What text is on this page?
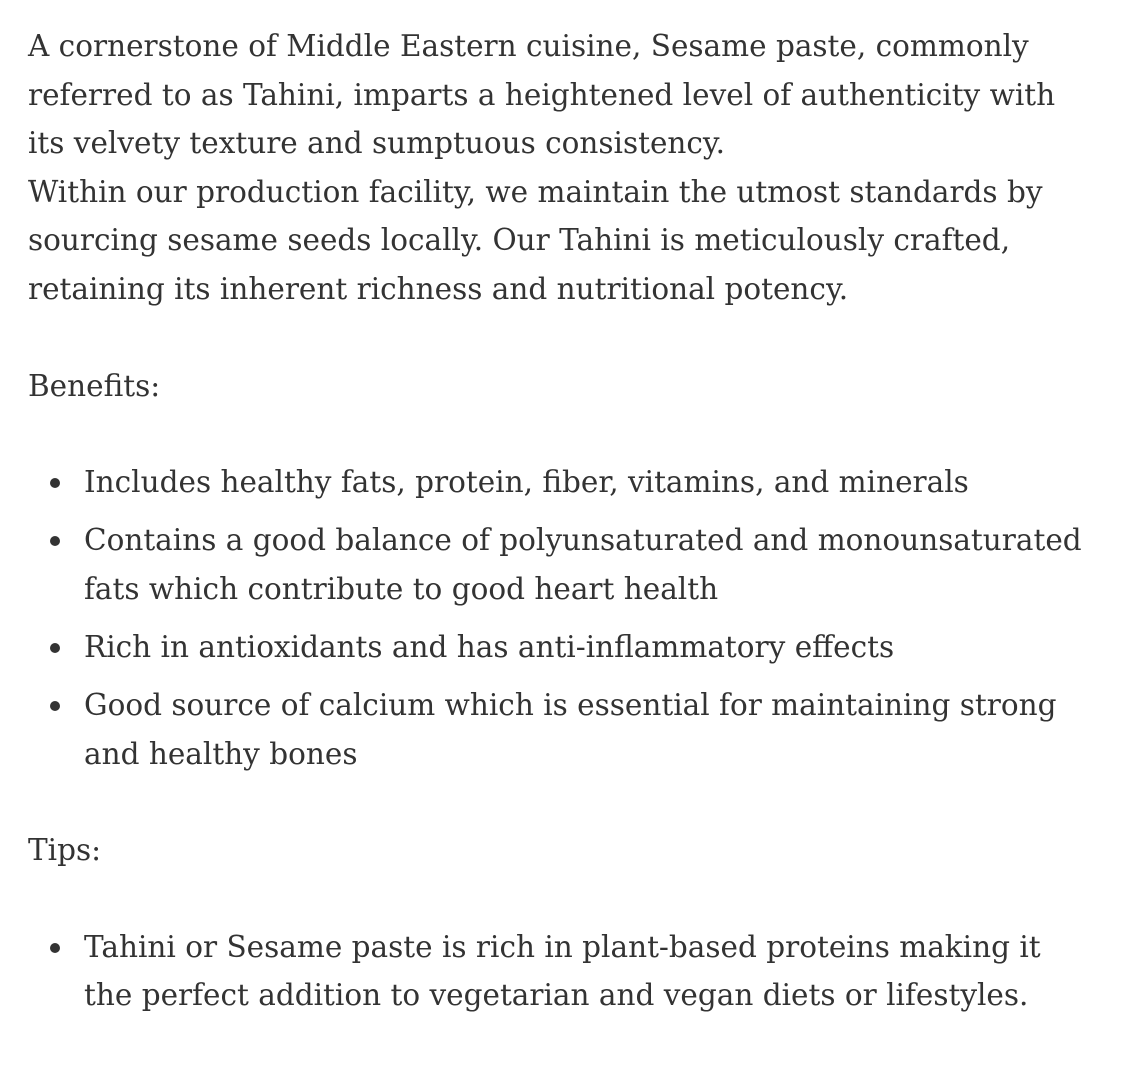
A cornerstone of Middle Eastern cuisine, Sesame paste, commonly referred to as Tahini, imparts a heightened level of authenticity with its velvety texture and sumptuous consistency.

Within our production facility, we maintain the utmost standards by sourcing sesame seeds locally. Our Tahini is meticulously crafted, retaining its inherent richness and nutritional potency.

Benefits:
Includes healthy fats, protein, fiber, vitamins, and minerals
Contains a good balance of polyunsaturated and monounsaturated fats which contribute to good heart health
Rich in antioxidants and has anti-inflammatory effects
Good source of calcium which is essential for maintaining strong and healthy bones
Tips:
Tahini or Sesame paste is rich in plant-based proteins making it the perfect addition to vegetarian and vegan diets or lifestyles.
